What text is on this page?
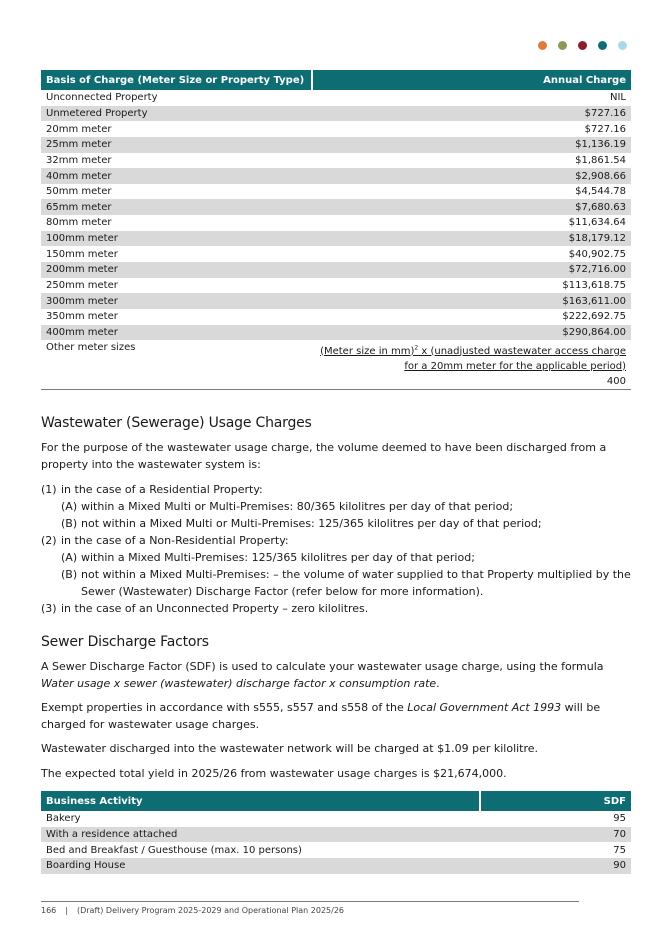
Basis of Charge (Meter Size or Property Type)	Annual Charge
Unconnected Property	NIL
Unmetered Property	$727.16
20mm meter	$727.16
25mm meter	$1,136.19
32mm meter	$1,861.54
40mm meter	$2,908.66
50mm meter	$4,544.78
65mm meter	$7,680.63
80mm meter	$11,634.64
100mm meter	$18,179.12
150mm meter	$40,902.75
200mm meter	$72,716.00
250mm meter	$113,618.75
300mm meter	$163,611.00
350mm meter	$222,692.75
400mm meter	$290,864.00
Other meter sizes	(Meter size in mm)$^2$ x (unadjusted wastewater access charge
for a 20mm meter for the applicable period)
	400
Wastewater (Sewerage) Usage Charges

For the purpose of the wastewater usage charge, the volume deemed to have been discharged from a property into the wastewater system is:

(1) in the case of a Residential Property:
(A) within a Mixed Multi or Multi-Premises: 80/365 kilolitres per day of that period;
(B) not within a Mixed Multi or Multi-Premises: 125/365 kilolitres per day of that period;
(2) in the case of a Non-Residential Property:
(A) within a Mixed Multi-Premises: 125/365 kilolitres per day of that period;
(B) not within a Mixed Multi-Premises: – the volume of water supplied to that Property multiplied by the Sewer (Wastewater) Discharge Factor (refer below for more information).
(3) in the case of an Unconnected Property – zero kilolitres.
Sewer Discharge Factors

A Sewer Discharge Factor (SDF) is used to calculate your wastewater usage charge, using the formula Water usage x sewer (wastewater) discharge factor x consumption rate.

Exempt properties in accordance with s555, s557 and s558 of the Local Government Act 1993 will be charged for wastewater usage charges.

Wastewater discharged into the wastewater network will be charged at $1.09 per kilolitre.

The expected total yield in 2025/26 from wastewater usage charges is $21,674,000.

Business Activity	SDF
Bakery	95
With a residence attached	70
Bed and Breakfast / Guesthouse (max. 10 persons)	75
Boarding House	90
166 | (Draft) Delivery Program 2025-2029 and Operational Plan 2025/26
